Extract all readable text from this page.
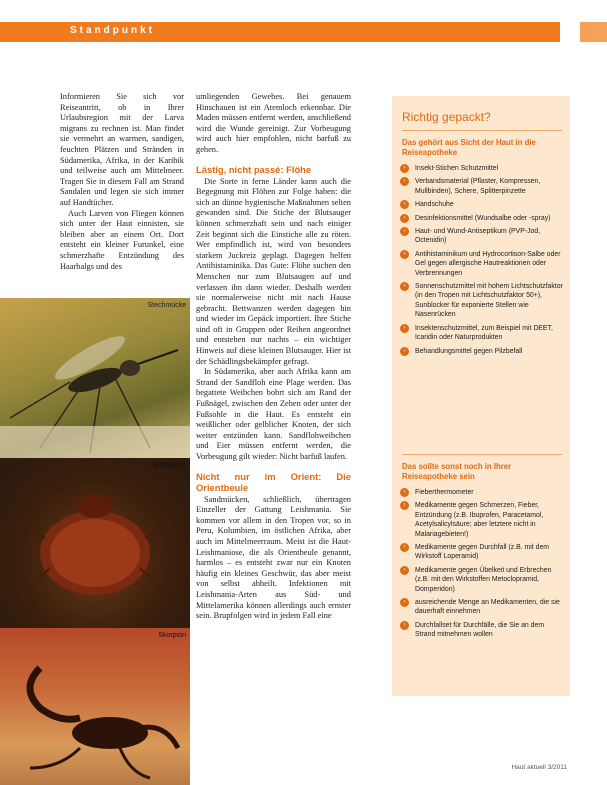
Standpunkt

Informieren Sie sich vor Reiseantritt, ob in Ihrer Urlaubsregion mit der Larva migrans zu rechnen ist. Man findet sie vermehrt an warmen, sandigen, feuchten Plätzen und Stränden in Südamerika, Afrika, in der Karibik und teilweise auch am Mittelmeer. Tragen Sie in diesem Fall am Strand Sandalen und legen sie sich immer auf Handtücher.

Auch Larven von Fliegen können sich unter der Haut einnisten, sie bleiben aber an einem Ort. Dort entsteht ein kleiner Furunkel, eine schmerzhafte Entzündung des Haarbalgs und des

umliegenden Gewebes. Bei genauem Hinschauen ist ein Atemloch erkennbar. Die Maden müssen entfernt werden, anschließend wird die Wunde gereinigt. Zur Vorbeugung wird auch hier empfohlen, nicht barfuß zu gehen.

Lästig, nicht passé: Flöhe

Die Sorte in ferne Länder kann auch die Begegnung mit Flöhen zur Folge haben: die sich an dünne hygienische Maßnahmen selten gewanden sind. Die Stiche der Blutsauger können schmerzhaft sein und nach einiger Zeit beginnt sich die Einstiche alle zu röten. Wer empfindlich ist, wird von besonders starkem Juckreiz geplagt. Dagegen helfen Antihistaminika. Das Gute: Flöhe suchen den Menschen nur zum Blutsaugen auf und verlassen ihn dann wieder. Deshalb werden sie normalerweise nicht mit nach Hause gebracht. Bettwanzen werden dagegen hin und wieder im Gepäck importiert. Ihre Stiche sind oft in Gruppen oder Reihen angeordnet und entstehen nur nachts – ein wichtiger Hinweis auf diese kleinen Blutsauger. Hier ist der Schädlingsbekämpfer gefragt.

In Südamerika, aber auch Afrika kann am Strand der Sandfloh eine Plage werden. Das begattete Weibchen bohrt sich am Rand der Fußnägel, zwischen den Zehen oder unter der Fußsohle in die Haut. Es entsteht ein weißlicher oder gelblicher Knoten, der sich weiter entzünden kann. Sandflohweibchen und Eier müssen entfernt werden, die Vorbeugung gilt wieder: Nicht barfuß laufen.

Nicht nur im Orient: Die Orientbeule

Sandmücken, schließlich, übertragen Einzeller der Gattung Leishmania. Sie kommen vor allem in den Tropen vor, so in Peru, Kolumbien, im östlichen Afrika, aber auch im Mittelmeerraum. Meist ist die Haut-Leishmaniose, die als Orientbeule genannt, harmlos – es entsteht zwar nur ein Knoten häufig ein kleines Geschwür, das aber meist von selbst abheilt. Infektionen mit Leishmania-Arten aus Süd- und Mittelamerika können allerdings auch ernster sein. Brupfolgen wird in jedem Fall eine

Stechmücke
Bettwanze
Skorpion
Richtig gepackt?
Das gehört aus Sicht der Haut in die Reiseapotheke
›	Insekt-Stichen Schutzmittel
›	Verbandsmaterial (Pflaster, Kompressen, Mullbinden), Schere, Splitterpinzette
›	Handschuhe
›	Desinfektionsmittel (Wundsalbe oder -spray)
›	Haut- und Wund-Antiseptikum (PVP-Jod, Octenidin)
›	Antihistaminikum und Hydrocortison-Salbe oder Gel gegen allergische Hautreaktionen oder Verbrennungen
›	Sonnenschutzmittel mit hohem Lichtschutzfaktor (in den Tropen mit Lichtschutzfaktor 50+), Sunblocker für exponierte Stellen wie Nasenrücken
›	Insektenschutzmittel, zum Beispiel mit DEET, Icaridin oder Naturprodukten
›	Behandlungsmittel gegen Pilzbefall
Das sollte sonst noch in Ihrer Reiseapotheke sein
›	Fieberthermometer
›	Medikamente gegen Schmerzen, Fieber, Entzündung (z.B. Ibuprofen, Paracetamol, Acetylsalicylsäure; aber letztere nicht in Malariagebieten!)
›	Medikamente gegen Durchfall (z.B. mit dem Wirkstoff Loperamid)
›	Medikamente gegen Übelkeit und Erbrechen (z.B. mit den Wirkstoffen Metoclopramid, Domperidon)
›	ausreichende Menge an Medikamenten, die sie dauerhaft einnehmen
›	Durchfallset für Durchfälle, die Sie an dem Strand mitnehmen wollen
Haut aktuell 3/2011
